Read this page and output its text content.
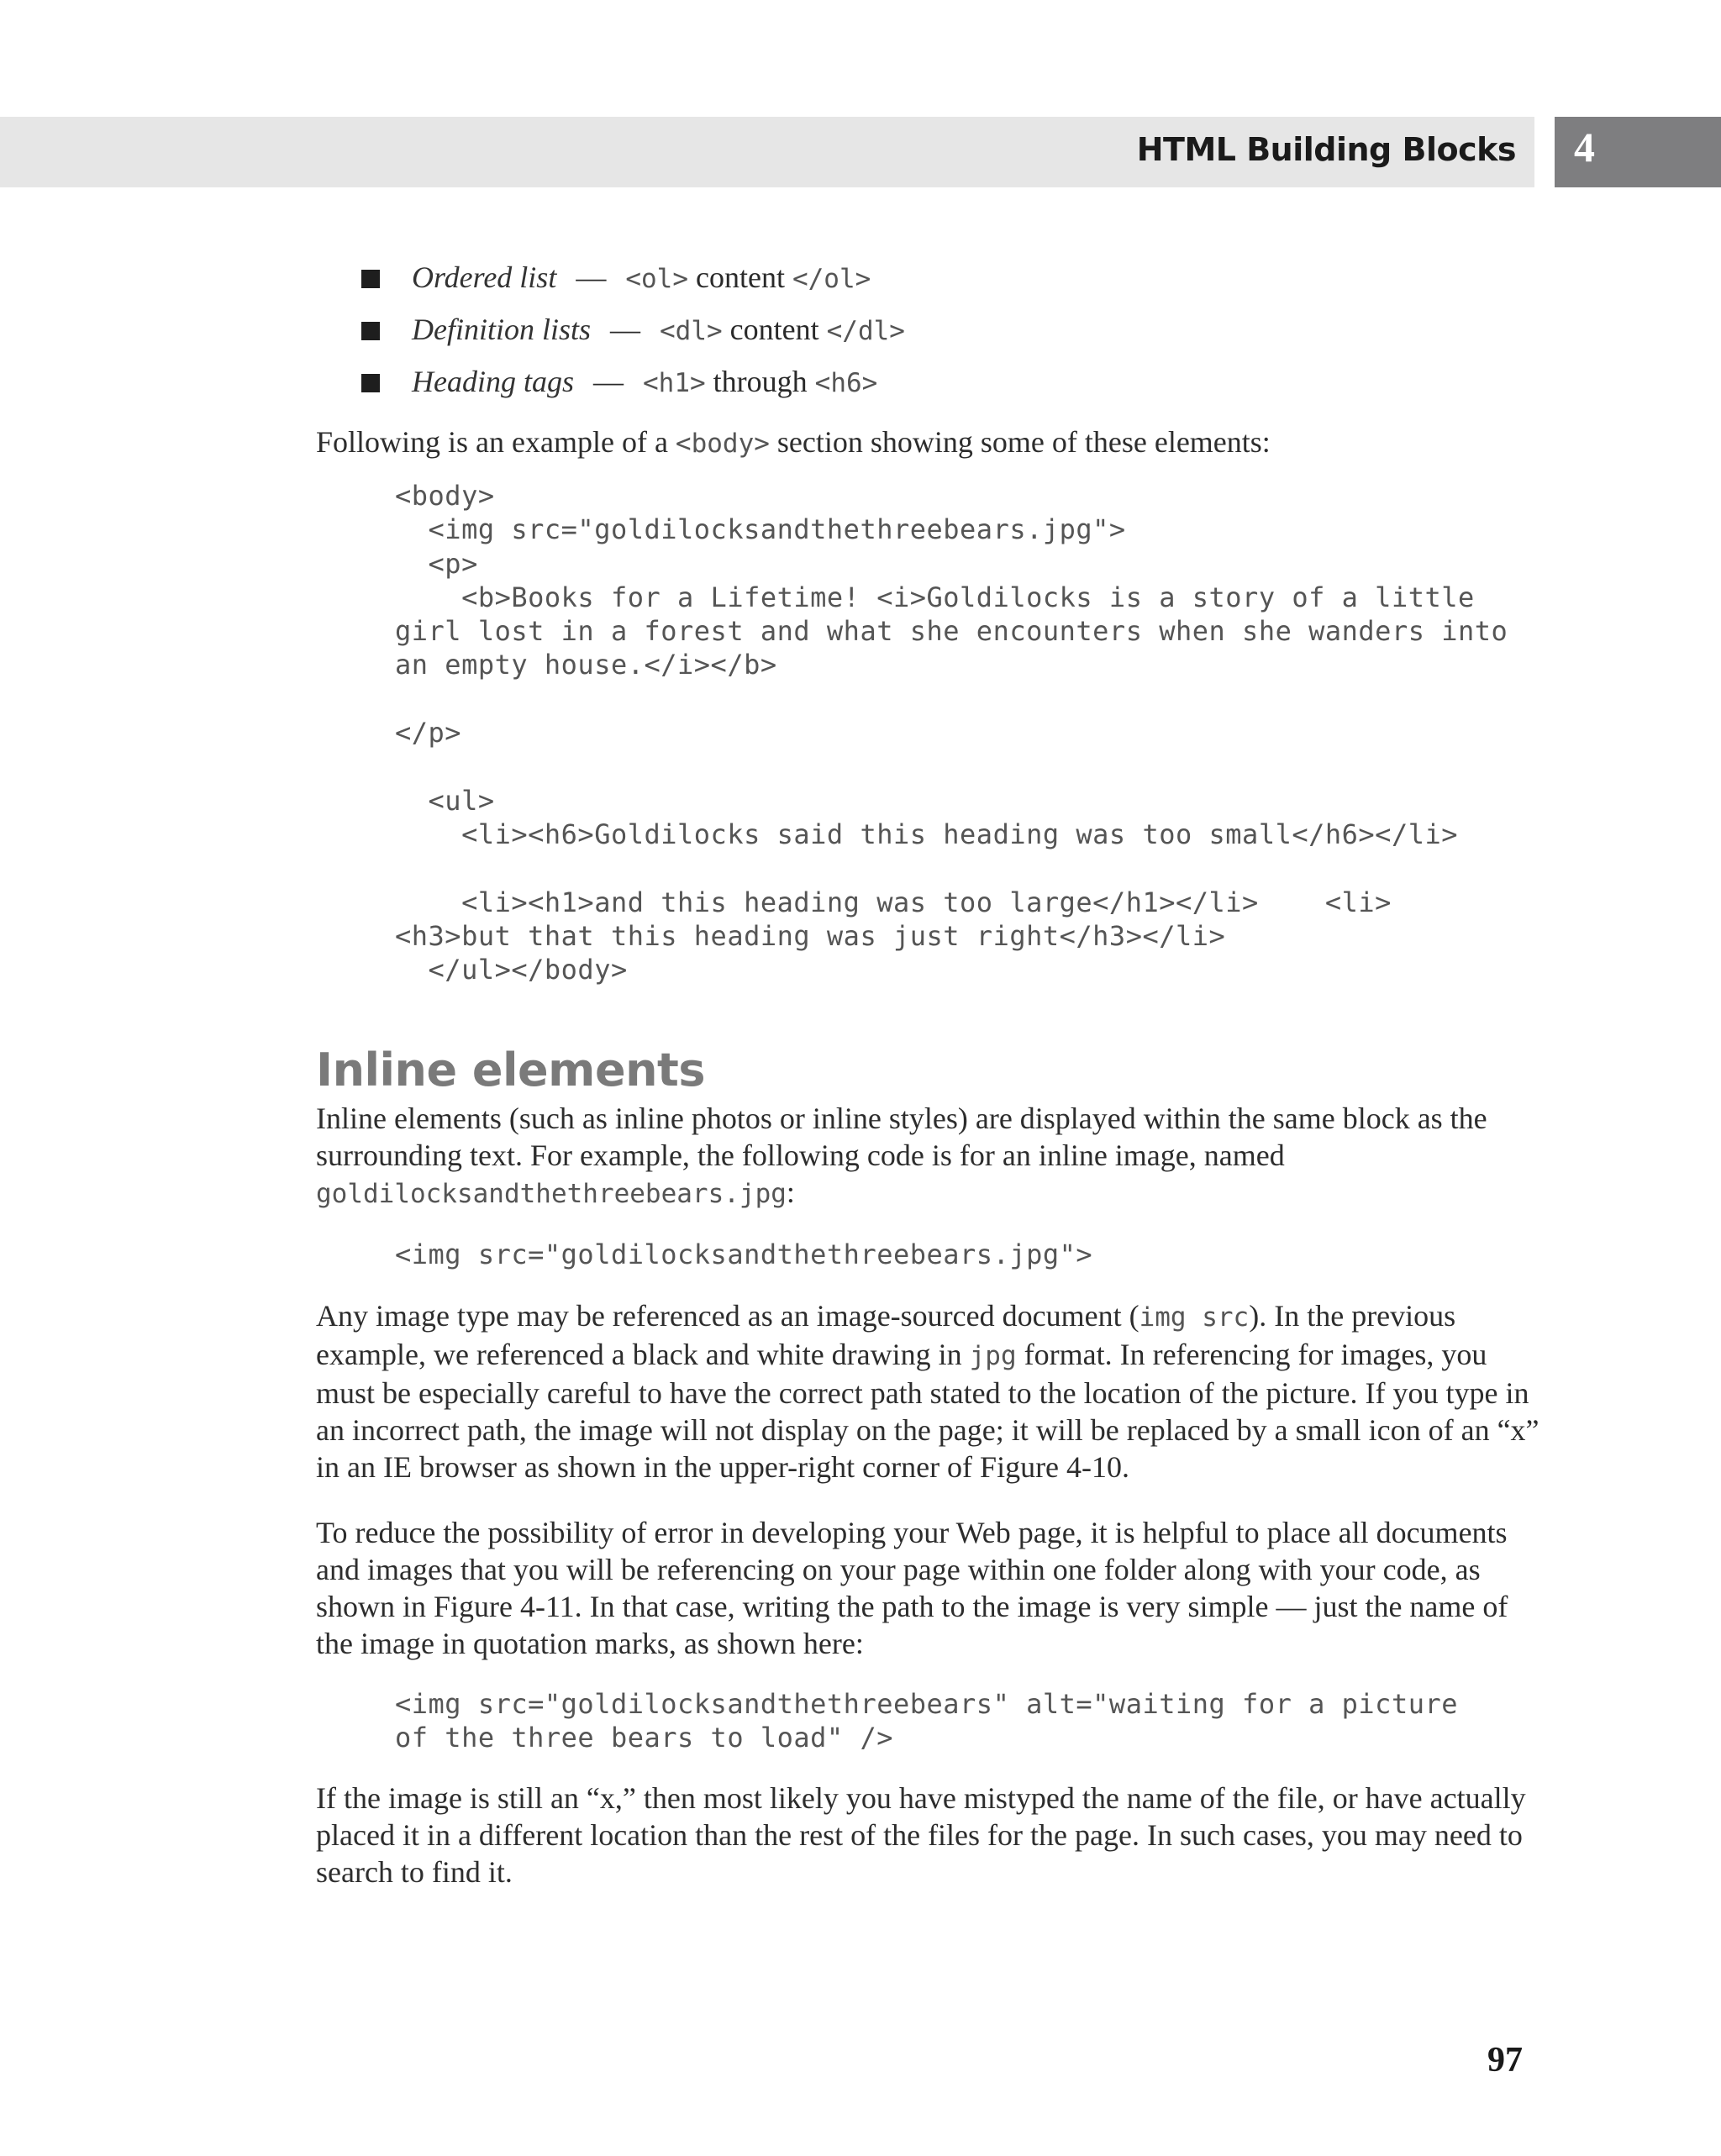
HTML Building Blocks 4
Ordered list — <ol> content </ol>
Definition lists — <dl> content </dl>
Heading tags — <h1> through <h6>

Following is an example of a <body> section showing some of these elements:

<body>
<img src="goldilocksandthethreebears.jpg">
<p>
<b>Books for a Lifetime! <i>Goldilocks is a story of a little
girl lost in a forest and what she encounters when she wanders into
an empty house.</i></b>

</p>

<ul>
<li><h6>Goldilocks said this heading was too small</h6></li>

<li><h1>and this heading was too large</h1></li>    <li>
<h3>but that this heading was just right</h3></li>
</ul></body>
Inline elements

Inline elements (such as inline photos or inline styles) are displayed within the same block as the surrounding text. For example, the following code is for an inline image, named goldilocksandthethreebears.jpg:

<img src="goldilocksandthethreebears.jpg">

Any image type may be referenced as an image-sourced document (img src). In the previous example, we referenced a black and white drawing in jpg format. In referencing for images, you must be especially careful to have the correct path stated to the location of the picture. If you type in an incorrect path, the image will not display on the page; it will be replaced by a small icon of an “x” in an IE browser as shown in the upper-right corner of Figure 4-10.

To reduce the possibility of error in developing your Web page, it is helpful to place all documents and images that you will be referencing on your page within one folder along with your code, as shown in Figure 4-11. In that case, writing the path to the image is very simple — just the name of the image in quotation marks, as shown here:

<img src="goldilocksandthethreebears" alt="waiting for a picture
of the three bears to load" />

If the image is still an “x,” then most likely you have mistyped the name of the file, or have actually placed it in a different location than the rest of the files for the page. In such cases, you may need to search to find it.

97
